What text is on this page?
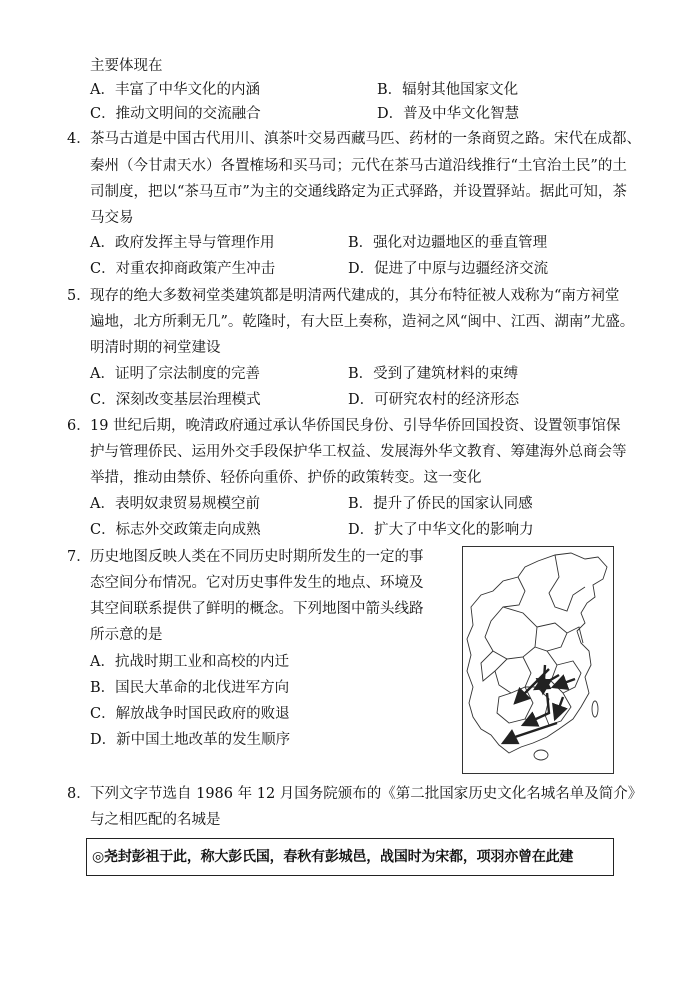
主要体现在
A．丰富了中华文化的内涵	B．辐射其他国家文化
C．推动文明间的交流融合	D．普及中华文化智慧
4． 茶马古道是中国古代用川、滇茶叶交易西藏马匹、药材的一条商贸之路。宋代在成都、
秦州（今甘肃天水）各置榷场和买马司；元代在茶马古道沿线推行“土官治土民”的土
司制度，把以“茶马互市”为主的交通线路定为正式驿路，并设置驿站。据此可知，茶
马交易
A．政府发挥主导与管理作用	B．强化对边疆地区的垂直管理
C．对重农抑商政策产生冲击	D．促进了中原与边疆经济交流
5． 现存的绝大多数祠堂类建筑都是明清两代建成的，其分布特征被人戏称为“南方祠堂
遍地，北方所剩无几”。乾隆时，有大臣上奏称，造祠之风“闽中、江西、湖南”尤盛。
明清时期的祠堂建设
A．证明了宗法制度的完善	B．受到了建筑材料的束缚
C．深刻改变基层治理模式	D．可研究农村的经济形态
6． 19 世纪后期，晚清政府通过承认华侨国民身份、引导华侨回国投资、设置领事馆保
护与管理侨民、运用外交手段保护华工权益、发展海外华文教育、筹建海外总商会等
举措，推动由禁侨、轻侨向重侨、护侨的政策转变。这一变化
A．表明奴隶贸易规模空前	B．提升了侨民的国家认同感
C．标志外交政策走向成熟	D．扩大了中华文化的影响力
7． 历史地图反映人类在不同历史时期所发生的一定的事
态空间分布情况。它对历史事件发生的地点、环境及
其空间联系提供了鲜明的概念。下列地图中箭头线路
所示意的是
A．抗战时期工业和高校的内迁
B．国民大革命的北伐进军方向
C．解放战争时国民政府的败退
D．新中国土地改革的发生顺序
8． 下列文字节选自 1986 年 12 月国务院颁布的《第二批国家历史文化名城名单及简介》
与之相匹配的名城是
◎尧封彭祖于此，称大彭氏国，春秋有彭城邑，战国时为宋都，项羽亦曾在此建
